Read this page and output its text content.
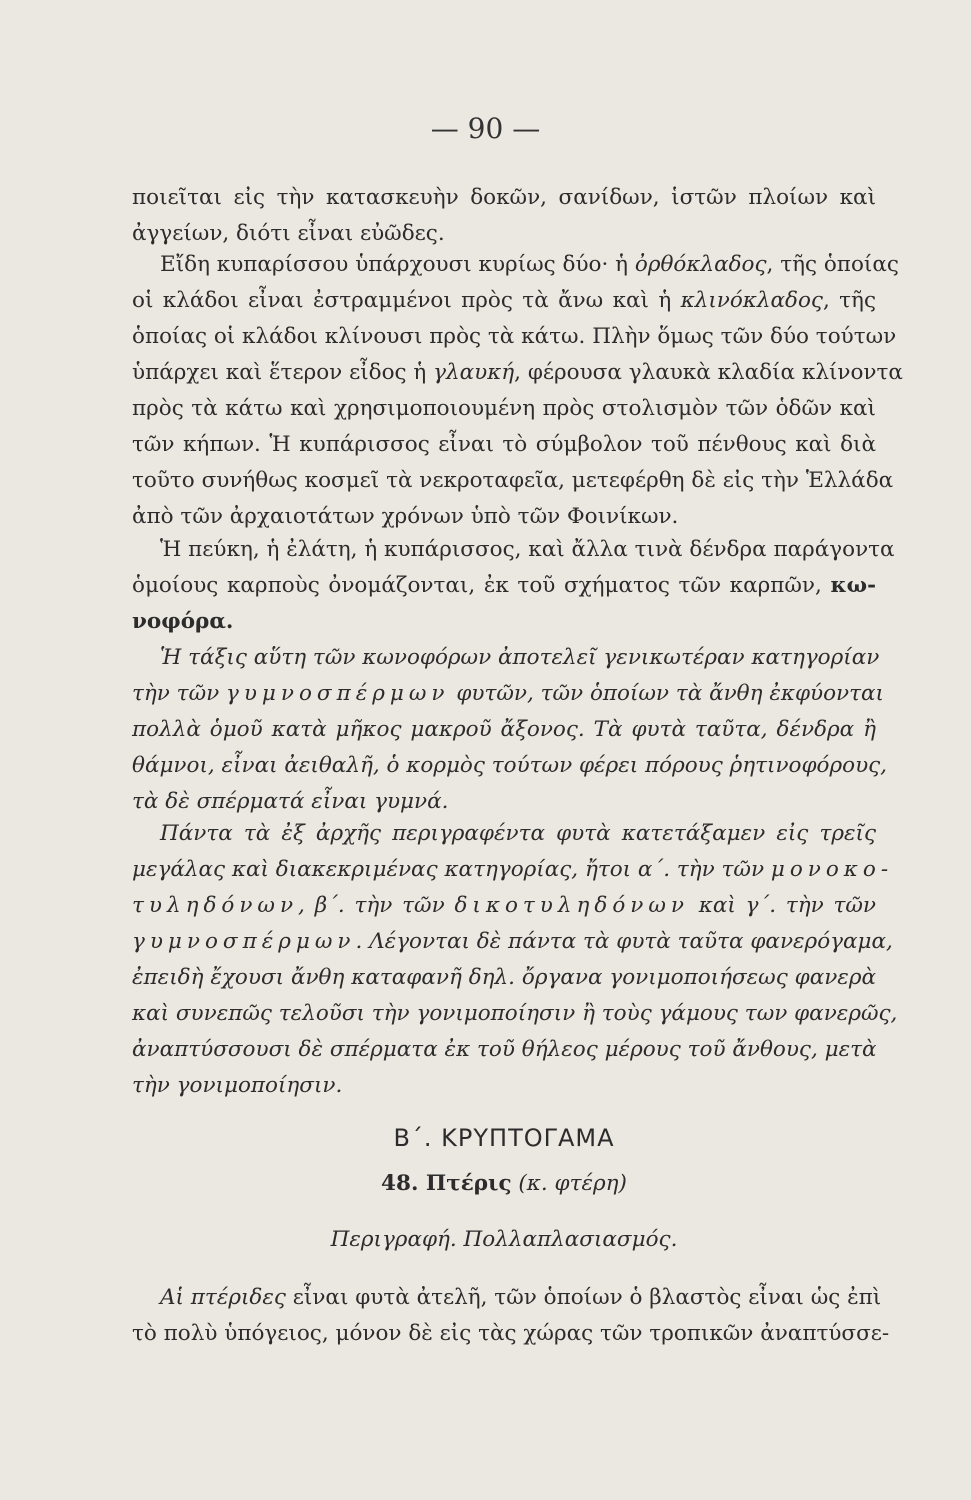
— 90 —
ποιεῖται εἰς τὴν κατασκευὴν δοκῶν, σανίδων, ἱστῶν πλοίων καὶ
ἀγγείων, διότι εἶναι εὐῶδες.
Εἴδη κυπαρίσσου ὑπάρχουσι κυρίως δύο· ἡ ὀρθόκλαδος, τῆς ὁποίας
οἱ κλάδοι εἶναι ἐστραμμένοι πρὸς τὰ ἄνω καὶ ἡ κλινόκλαδος, τῆς
ὁποίας οἱ κλάδοι κλίνουσι πρὸς τὰ κάτω. Πλὴν ὅμως τῶν δύο τούτων
ὑπάρχει καὶ ἕτερον εἶδος ἡ γλαυκή, φέρουσα γλαυκὰ κλαδία κλίνοντα
πρὸς τὰ κάτω καὶ χρησιμοποιουμένη πρὸς στολισμὸν τῶν ὁδῶν καὶ
τῶν κήπων. Ἡ κυπάρισσος εἶναι τὸ σύμβολον τοῦ πένθους καὶ διὰ
τοῦτο συνήθως κοσμεῖ τὰ νεκροταφεῖα, μετεφέρθη δὲ εἰς τὴν Ἑλλάδα
ἀπὸ τῶν ἀρχαιοτάτων χρόνων ὑπὸ τῶν Φοινίκων.
Ἡ πεύκη, ἡ ἐλάτη, ἡ κυπάρισσος, καὶ ἄλλα τινὰ δένδρα παράγοντα
ὁμοίους καρποὺς ὀνομάζονται, ἐκ τοῦ σχήματος τῶν καρπῶν, κω-
νοφόρα.
Ἡ τάξις αὕτη τῶν κωνοφόρων ἀποτελεῖ γενικωτέραν κατηγορίαν
τὴν τῶν γυμνοσπέρμων φυτῶν, τῶν ὁποίων τὰ ἄνθη ἐκφύονται
πολλὰ ὁμοῦ κατὰ μῆκος μακροῦ ἄξονος. Τὰ φυτὰ ταῦτα, δένδρα ἢ
θάμνοι, εἶναι ἀειθαλῆ, ὁ κορμὸς τούτων φέρει πόρους ῥητινοφόρους,
τὰ δὲ σπέρματά εἶναι γυμνά.
Πάντα τὰ ἐξ ἀρχῆς περιγραφέντα φυτὰ κατετάξαμεν εἰς τρεῖς
μεγάλας καὶ διακεκριμένας κατηγορίας, ἤτοι α΄. τὴν τῶν μονοκο-
τυληδόνων, β΄. τὴν τῶν δικοτυληδόνων καὶ γ΄. τὴν τῶν
γυμνοσπέρμων. Λέγονται δὲ πάντα τὰ φυτὰ ταῦτα φανερόγαμα,
ἐπειδὴ ἔχουσι ἄνθη καταφανῆ δηλ. ὄργανα γονιμοποιήσεως φανερὰ
καὶ συνεπῶς τελοῦσι τὴν γονιμοποίησιν ἢ τοὺς γάμους των φανερῶς,
ἀναπτύσσουσι δὲ σπέρματα ἐκ τοῦ θήλεος μέρους τοῦ ἄνθους, μετὰ
τὴν γονιμοποίησιν.
Β΄. ΚΡΥΠΤΟΓΑΜΑ
48. Πτέρις (κ. φτέρη)
Περιγραφή. Πολλαπλασιασμός.
Αἱ πτέριδες εἶναι φυτὰ ἀτελῆ, τῶν ὁποίων ὁ βλαστὸς εἶναι ὡς ἐπὶ
τὸ πολὺ ὑπόγειος, μόνον δὲ εἰς τὰς χώρας τῶν τροπικῶν ἀναπτύσσε-
